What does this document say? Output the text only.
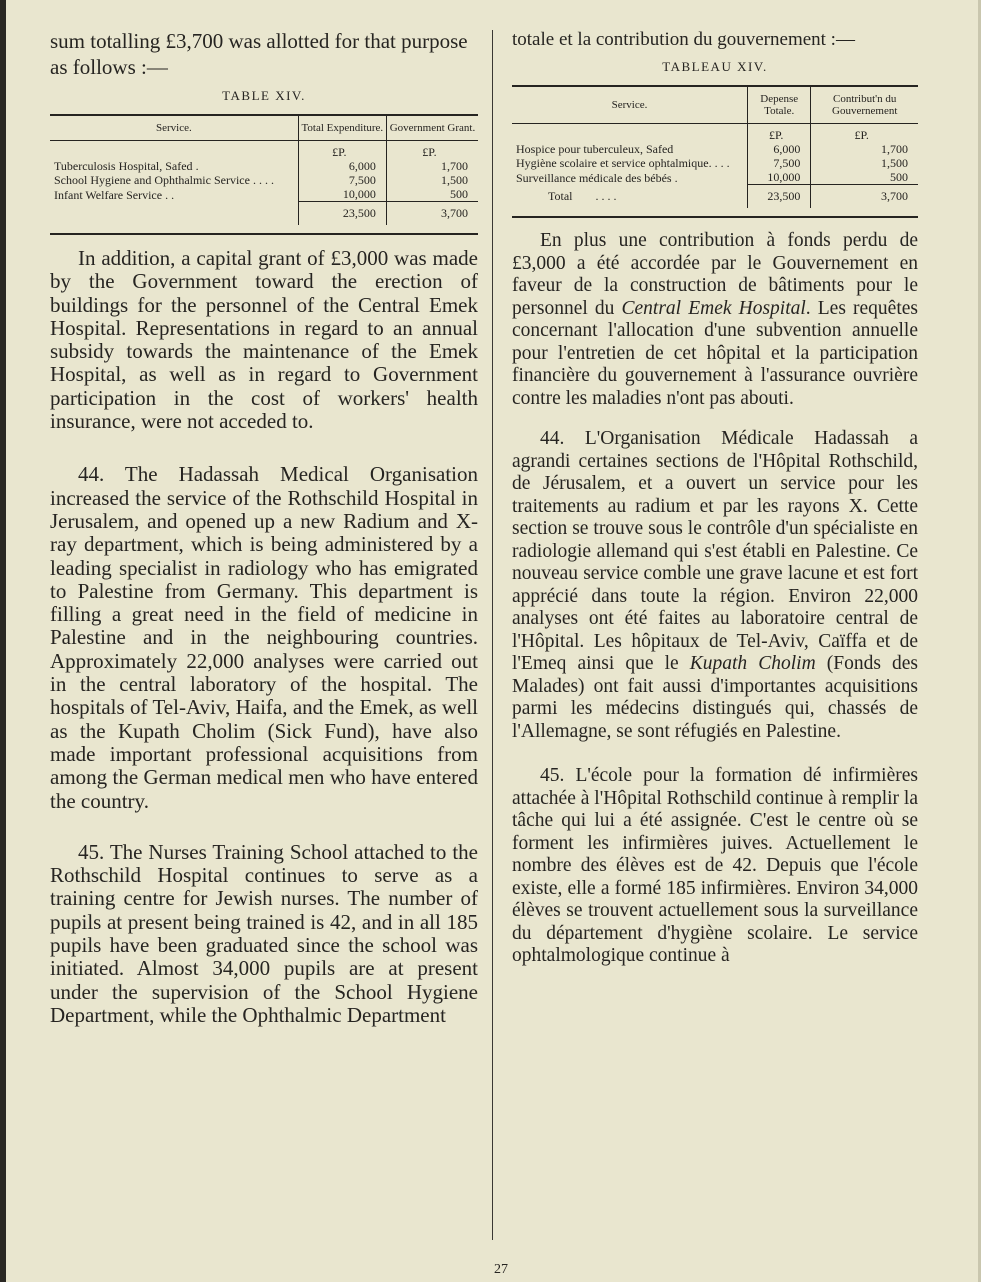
sum totalling £3,700 was allotted for that purpose as follows :—

TABLE XIV.
Service.	Total Expenditure.	Government Grant.
	£P.	£P.
Tuberculosis Hospital, Safed .	6,000	1,700
School Hygiene and Ophthalmic Service . . . .	7,500	1,500
Infant Welfare Service . .	10,000	500
	23,500	3,700

In addition, a capital grant of £3,000 was made by the Government toward the erection of buildings for the personnel of the Central Emek Hospital. Representations in regard to an annual subsidy towards the maintenance of the Emek Hospital, as well as in regard to Government participation in the cost of workers' health insurance, were not acceded to.

44. The Hadassah Medical Organisation increased the service of the Rothschild Hospital in Jerusalem, and opened up a new Radium and X-ray department, which is being administered by a leading specialist in radiology who has emigrated to Palestine from Germany. This department is filling a great need in the field of medicine in Palestine and in the neighbouring countries. Approximately 22,000 analyses were carried out in the central laboratory of the hospital. The hospitals of Tel-Aviv, Haifa, and the Emek, as well as the Kupath Cholim (Sick Fund), have also made important professional acquisitions from among the German medical men who have entered the country.

45. The Nurses Training School attached to the Rothschild Hospital continues to serve as a training centre for Jewish nurses. The number of pupils at present being trained is 42, and in all 185 pupils have been graduated since the school was initiated. Almost 34,000 pupils are at present under the supervision of the School Hygiene Department, while the Ophthalmic Department

totale et la contribution du gouvernement :—

TABLEAU XIV.
Service.	Depense Totale.	Contribut'n du Gouvernement
	£P.	£P.
Hospice pour tuberculeux, Safed	6,000	1,700
Hygiène scolaire et service ophtalmique. . . .	7,500	1,500
Surveillance médicale des bébés .	10,000	500
Total . . . .	23,500	3,700

En plus une contribution à fonds perdu de £3,000 a été accordée par le Gouvernement en faveur de la construction de bâtiments pour le personnel du Central Emek Hospital. Les requêtes concernant l'allocation d'une subvention annuelle pour l'entretien de cet hôpital et la participation financière du gouvernement à l'assurance ouvrière contre les maladies n'ont pas abouti.

44. L'Organisation Médicale Hadassah a agrandi certaines sections de l'Hôpital Rothschild, de Jérusalem, et a ouvert un service pour les traitements au radium et par les rayons X. Cette section se trouve sous le contrôle d'un spécialiste en radiologie allemand qui s'est établi en Palestine. Ce nouveau service comble une grave lacune et est fort apprécié dans toute la région. Environ 22,000 analyses ont été faites au laboratoire central de l'Hôpital. Les hôpitaux de Tel-Aviv, Caïffa et de l'Emeq ainsi que le Kupath Cholim (Fonds des Malades) ont fait aussi d'importantes acquisitions parmi les médecins distingués qui, chassés de l'Allemagne, se sont réfugiés en Palestine.

45. L'école pour la formation dé infirmières attachée à l'Hôpital Rothschild continue à remplir la tâche qui lui a été assignée. C'est le centre où se forment les infirmières juives. Actuellement le nombre des élèves est de 42. Depuis que l'école existe, elle a formé 185 infirmières. Environ 34,000 élèves se trouvent actuellement sous la surveillance du département d'hygiène scolaire. Le service ophtalmologique continue à

27
